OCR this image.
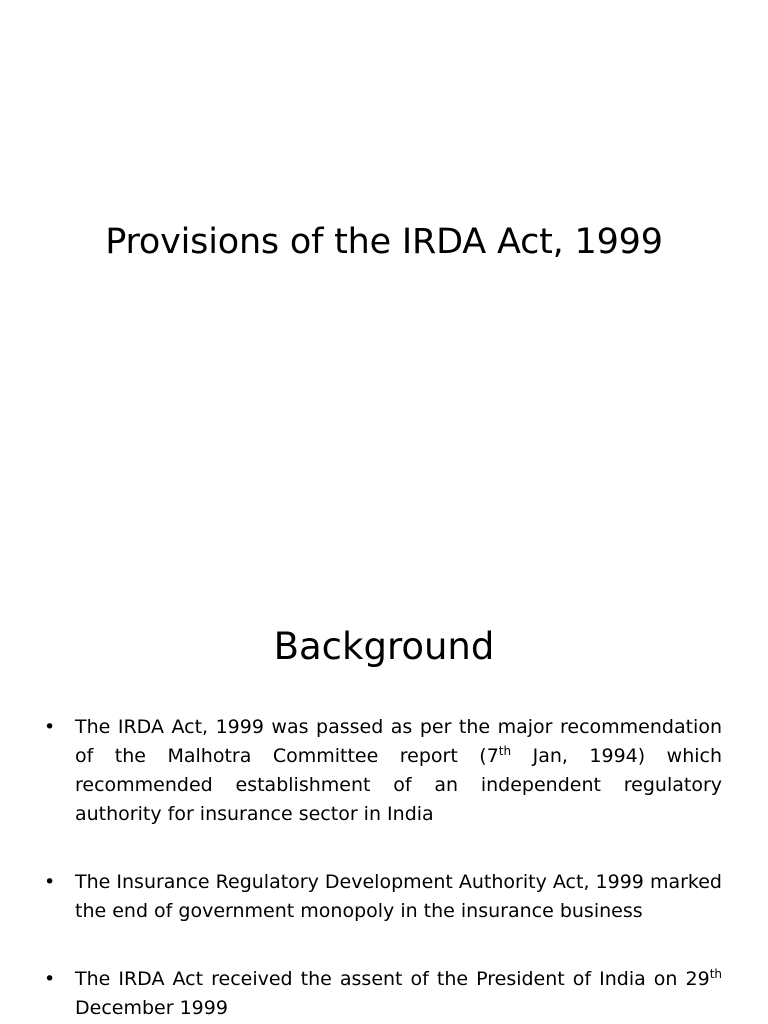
Provisions of the IRDA Act, 1999
Background
• The IRDA Act, 1999 was passed as per the major recommendation of the Malhotra Committee report (7th Jan, 1994) which recommended establishment of an independent regulatory authority for insurance sector in India
• The Insurance Regulatory Development Authority Act, 1999 marked the end of government monopoly in the insurance business
• The IRDA Act received the assent of the President of India on 29th December 1999
